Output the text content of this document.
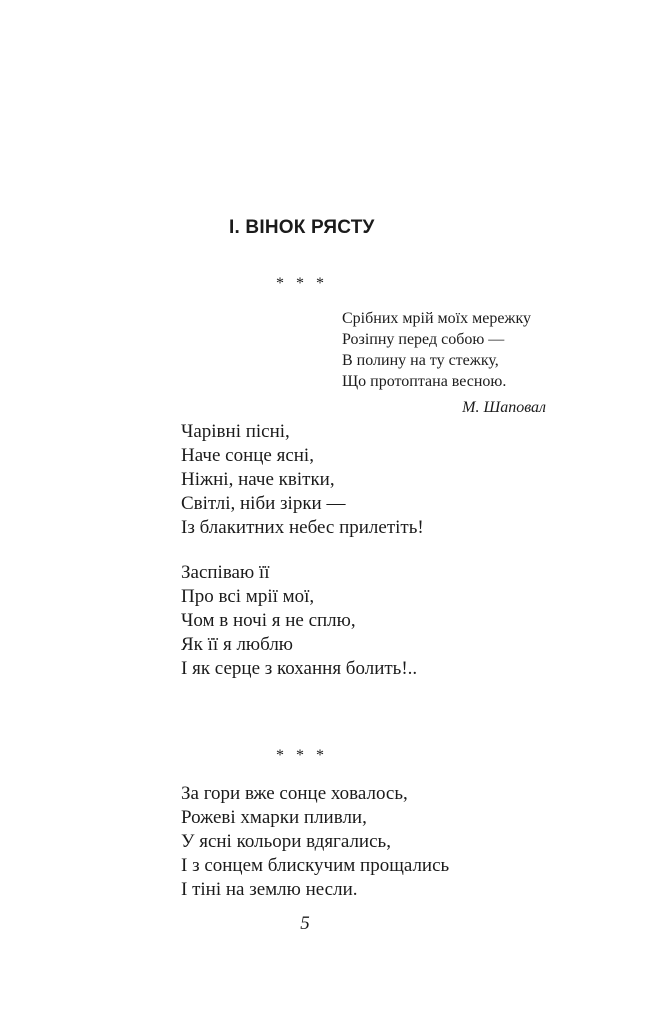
І. ВІНОК РЯСТУ
*   *   *
Срібних мрій моїх мережку
Розіпну перед собою —
В полину на ту стежку,
Що протоптана весною.
М. Шаповал
Чарівні пісні,
Наче сонце ясні,
Ніжні, наче квітки,
Світлі, ніби зірки —
Із блакитних небес прилетіть!
Заспіваю її
Про всі мрії мої,
Чом в ночі я не сплю,
Як її я люблю
І як серце з кохання болить!..
*   *   *
За гори вже сонце ховалось,
Рожеві хмарки пливли,
У ясні кольори вдягались,
І з сонцем блискучим прощались
І тіні на землю несли.
5
